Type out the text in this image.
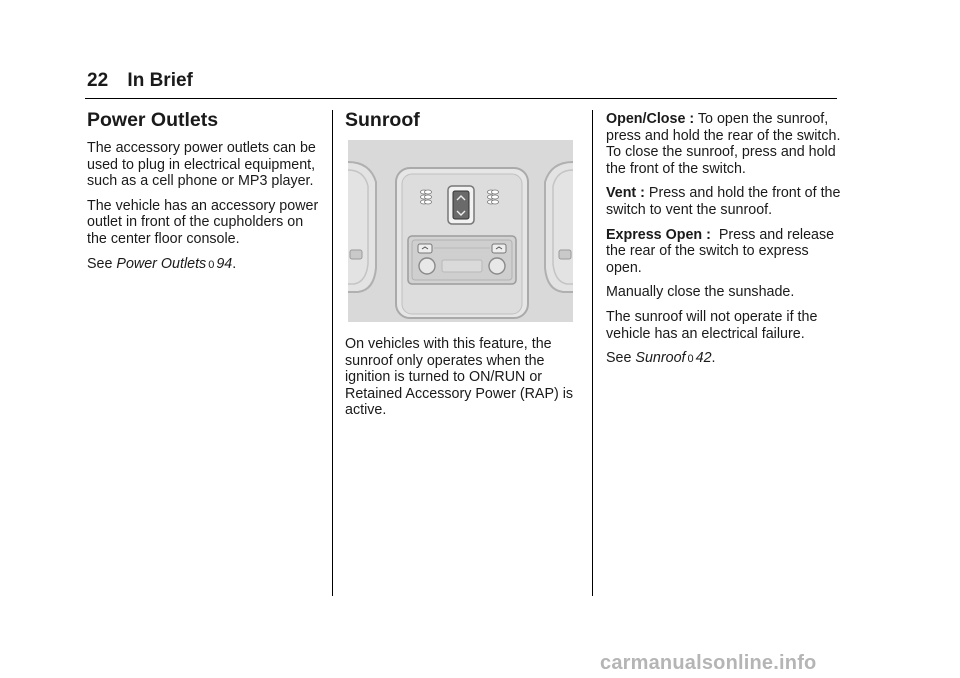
22 In Brief
Power Outlets

The accessory power outlets can be used to plug in electrical equipment, such as a cell phone or MP3 player.

The vehicle has an accessory power outlet in front of the cupholders on the center floor console.

See Power Outlets 0 94.

Sunroof

On vehicles with this feature, the sunroof only operates when the ignition is turned to ON/RUN or Retained Accessory Power (RAP) is active.

Open/Close : To open the sunroof, press and hold the rear of the switch. To close the sunroof, press and hold the front of the switch.

Vent : Press and hold the front of the switch to vent the sunroof.

Express Open :  Press and release the rear of the switch to express open.

Manually close the sunshade.

The sunroof will not operate if the vehicle has an electrical failure.

See Sunroof 0 42.

carmanualsonline.info
